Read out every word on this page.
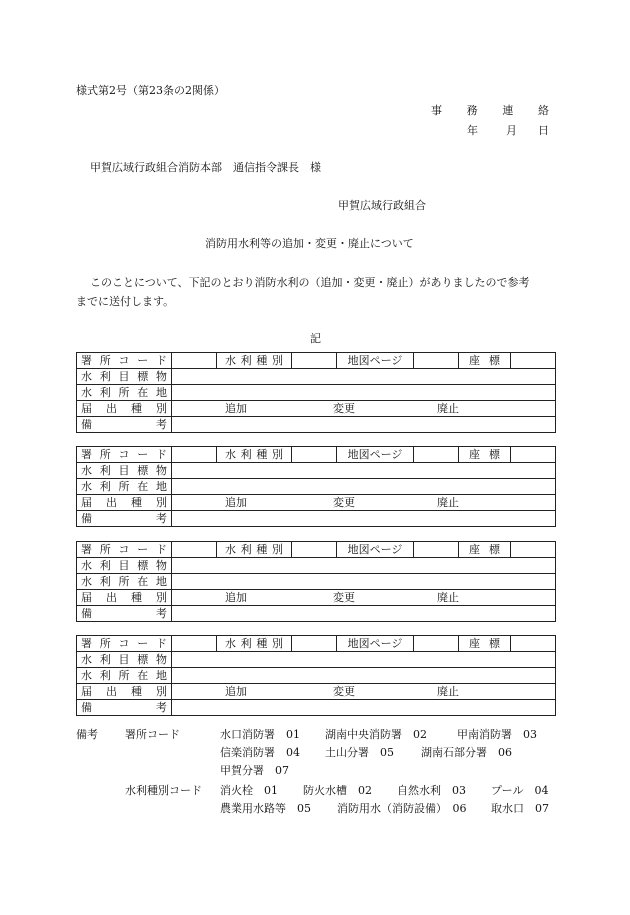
様式第2号（第23条の2関係）
事 務 連 絡
年	月 日
甲賀広域行政組合消防本部　通信指令課長　様
甲賀広域行政組合
消防用水利等の追加・変更・廃止について
このことについて、下記のとおり消防水利の（追加・変更・廃止）がありましたので参考
までに送付します。
記
署 所 コ ー ド		水 利 種 別		地図ページ		座 標	

水 利 目 標 物							

水 利 所 在 地							

届 出 種 別	追加 変更 廃止						

備 考							

署 所 コ ー ド		水 利 種 別		地図ページ		座 標	

水 利 目 標 物							

水 利 所 在 地							

届 出 種 別	追加 変更 廃止						

備 考							

署 所 コ ー ド		水 利 種 別		地図ページ		座 標	

水 利 目 標 物							

水 利 所 在 地							

届 出 種 別	追加 変更 廃止						

備 考							

署 所 コ ー ド		水 利 種 別		地図ページ		座 標	

水 利 目 標 物							

水 利 所 在 地							

届 出 種 別	追加 変更 廃止						

備 考							

備考 署所コード	水口消防署　 01 湖南中央消防署　 02	甲南消防署　 03
信楽消防署　 04 土山分署　 05 湖南石部分署　 06
甲賀分署　 07
水利種別コード 消火栓　 01 防火水槽　 02 自然水利　 03 プール　 04
農業用水路等　 05 消防用水（消防設備）　 06 取水口　 07
